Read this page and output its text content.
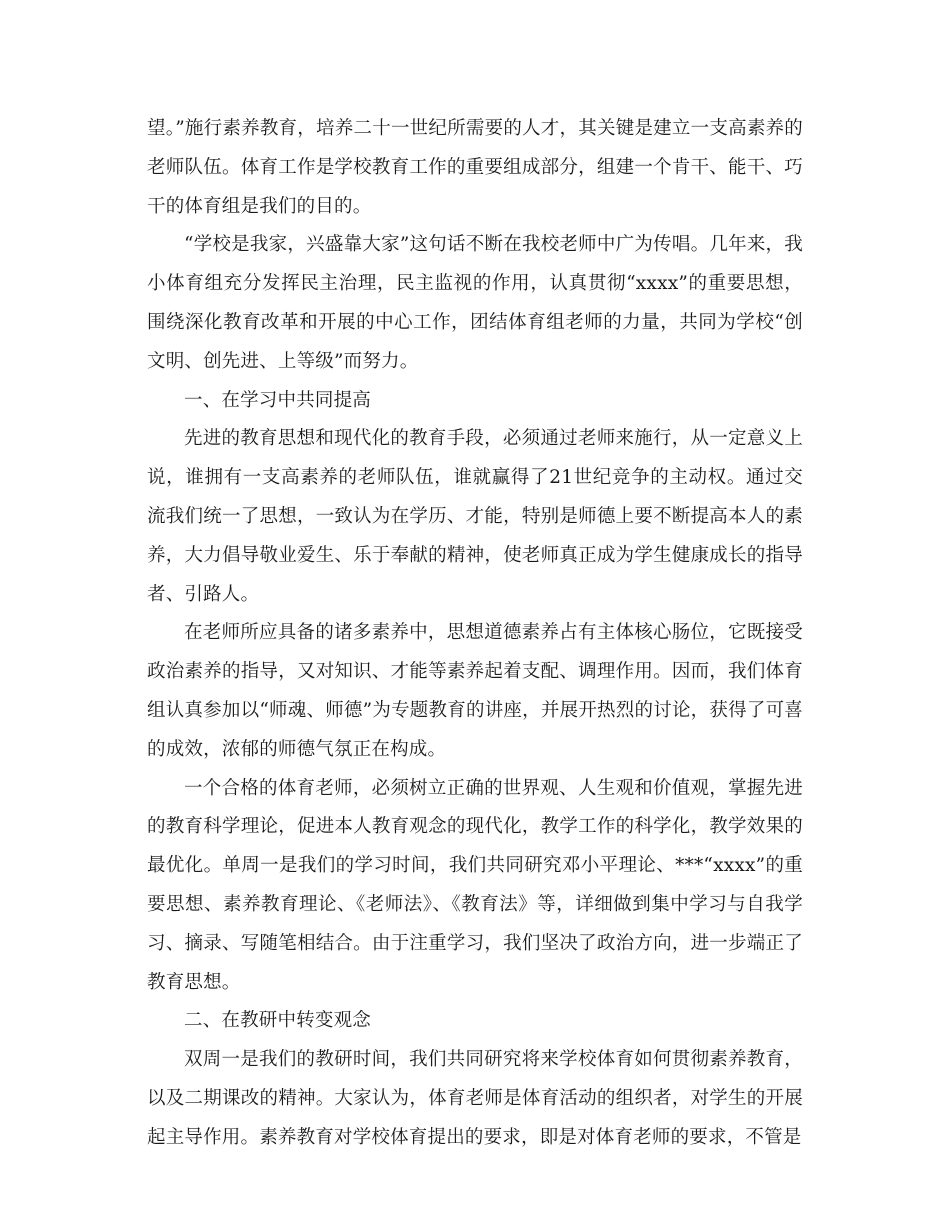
望。”施行素养教育，培养二十一世纪所需要的人才，其关键是建立一支高素养的老师队伍。体育工作是学校教育工作的重要组成部分，组建一个肯干、能干、巧干的体育组是我们的目的。

“学校是我家，兴盛靠大家”这句话不断在我校老师中广为传唱。几年来，我小体育组充分发挥民主治理，民主监视的作用，认真贯彻“xxxx”的重要思想，围绕深化教育改革和开展的中心工作，团结体育组老师的力量，共同为学校“创文明、创先进、上等级”而努力。

一、在学习中共同提高

先进的教育思想和现代化的教育手段，必须通过老师来施行，从一定意义上说，谁拥有一支高素养的老师队伍，谁就赢得了21世纪竞争的主动权。通过交流我们统一了思想，一致认为在学历、才能，特别是师德上要不断提高本人的素养，大力倡导敬业爱生、乐于奉献的精神，使老师真正成为学生健康成长的指导者、引路人。

在老师所应具备的诸多素养中，思想道德素养占有主体核心肠位，它既接受政治素养的指导，又对知识、才能等素养起着支配、调理作用。因而，我们体育组认真参加以“师魂、师德”为专题教育的讲座，并展开热烈的讨论，获得了可喜的成效，浓郁的师德气氛正在构成。

一个合格的体育老师，必须树立正确的世界观、人生观和价值观，掌握先进的教育科学理论，促进本人教育观念的现代化，教学工作的科学化，教学效果的最优化。单周一是我们的学习时间，我们共同研究邓小平理论、***“xxxx”的重要思想、素养教育理论、《老师法》、《教育法》等，详细做到集中学习与自我学习、摘录、写随笔相结合。由于注重学习，我们坚决了政治方向，进一步端正了教育思想。

二、在教研中转变观念

双周一是我们的教研时间，我们共同研究将来学校体育如何贯彻素养教育，以及二期课改的精神。大家认为，体育老师是体育活动的组织者，对学生的开展起主导作用。素养教育对学校体育提出的要求，即是对体育老师的要求，不管是
